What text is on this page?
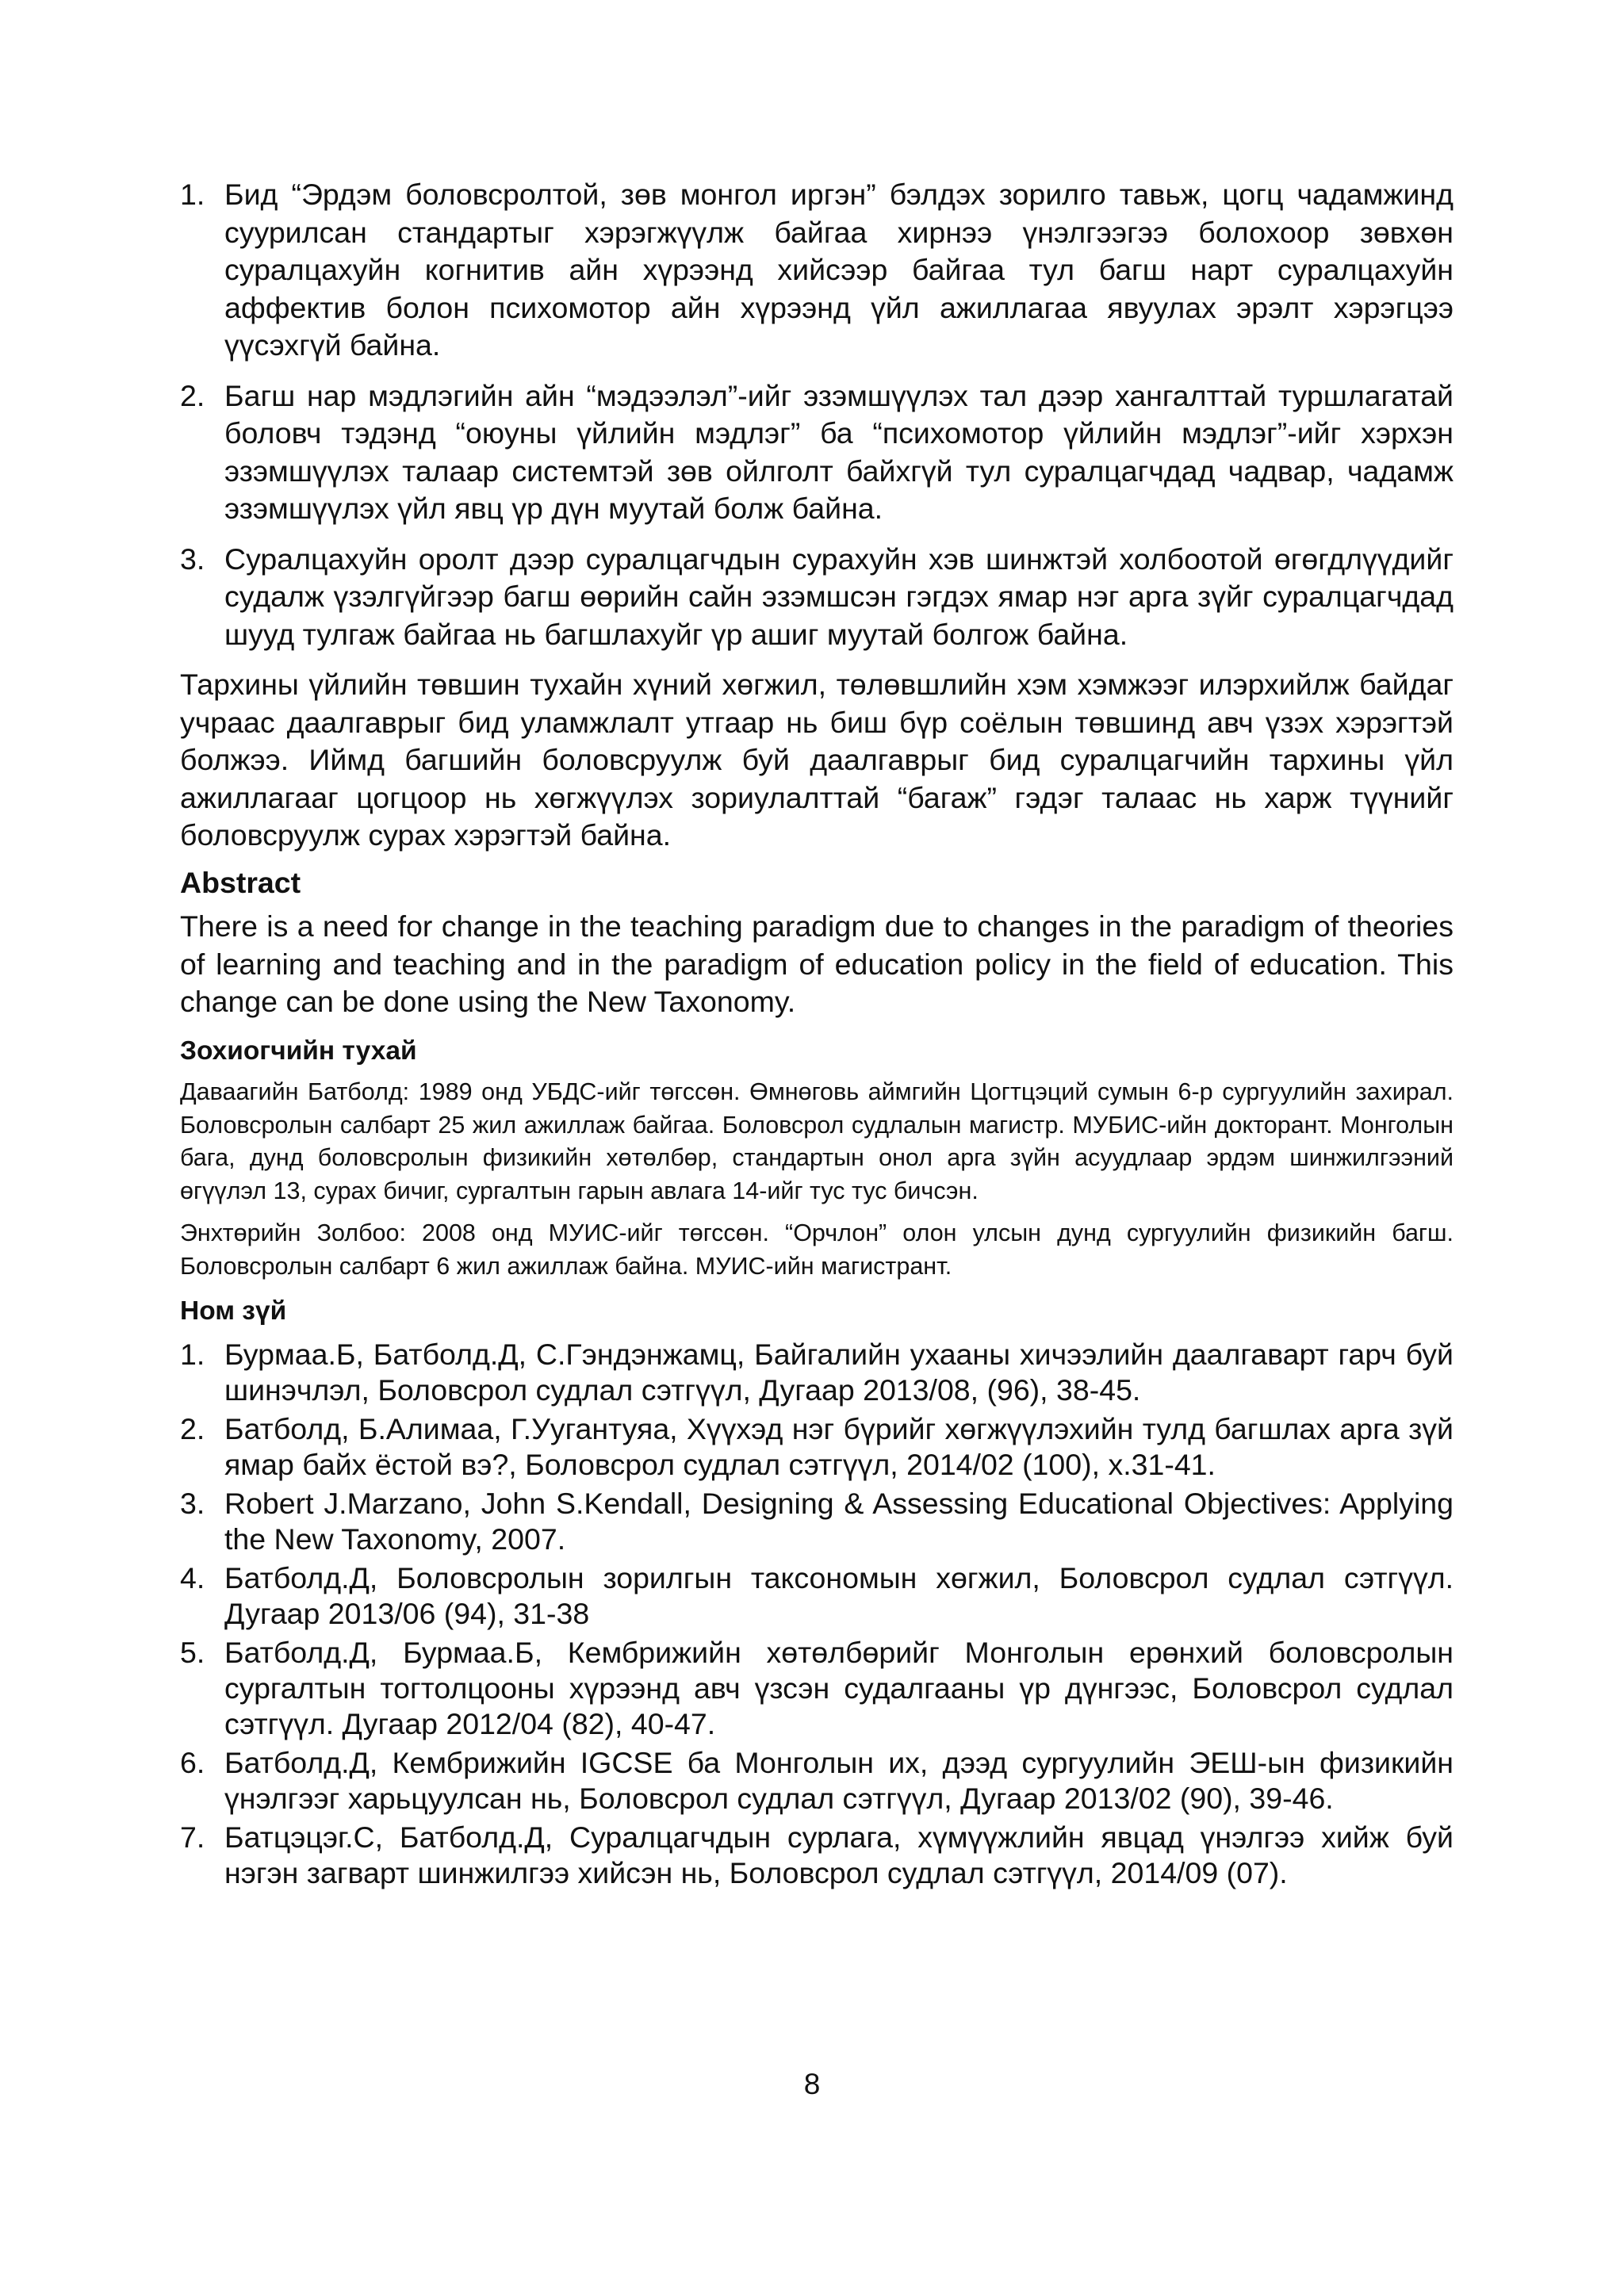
1. Бид “Эрдэм боловсролтой, зөв монгол иргэн” бэлдэх зорилго тавьж, цогц чадамжинд суурилсан стандартыг хэрэгжүүлж байгаа хирнээ үнэлгээгээ болохоор зөвхөн суралцахуйн когнитив айн хүрээнд хийсээр байгаа тул багш нарт суралцахуйн аффектив болон психомотор айн хүрээнд үйл ажиллагаа явуулах эрэлт хэрэгцээ үүсэхгүй байна.
2. Багш нар мэдлэгийн айн “мэдээлэл”-ийг эзэмшүүлэх тал дээр хангалттай туршлагатай боловч тэдэнд “оюуны үйлийн мэдлэг” ба “психомотор үйлийн мэдлэг”-ийг хэрхэн эзэмшүүлэх талаар системтэй зөв ойлголт байхгүй тул суралцагчдад чадвар, чадамж эзэмшүүлэх үйл явц үр дүн муутай болж байна.
3. Суралцахуйн оролт дээр суралцагчдын сурахуйн хэв шинжтэй холбоотой өгөгдлүүдийг судалж үзэлгүйгээр багш өөрийн сайн эзэмшсэн гэгдэх ямар нэг арга зүйг суралцагчдад шууд тулгаж байгаа нь багшлахуйг үр ашиг муутай болгож байна.

Тархины үйлийн төвшин тухайн хүний хөгжил, төлөвшлийн хэм хэмжээг илэрхийлж байдаг учраас даалгаврыг бид уламжлалт утгаар нь биш бүр соёлын төвшинд авч үзэх хэрэгтэй болжээ. Иймд багшийн боловсруулж буй даалгаврыг бид суралцагчийн тархины үйл ажиллагааг цогцоор нь хөгжүүлэх зориулалттай “багаж” гэдэг талаас нь харж түүнийг боловсруулж сурах хэрэгтэй байна.

Abstract

There is a need for change in the teaching paradigm due to changes in the paradigm of theories of learning and teaching and in the paradigm of education policy in the field of education. This change can be done using the New Taxonomy.

Зохиогчийн тухай

Даваагийн Батболд: 1989 онд УБДС-ийг төгссөн. Өмнөговь аймгийн Цогтцэций сумын 6-р сургуулийн захирал. Боловсролын салбарт 25 жил ажиллаж байгаа. Боловсрол судлалын магистр. МУБИС-ийн докторант. Монголын бага, дунд боловсролын физикийн хөтөлбөр, стандартын онол арга зүйн асуудлаар эрдэм шинжилгээний өгүүлэл 13, сурах бичиг, сургалтын гарын авлага 14-ийг тус тус бичсэн.

Энхтөрийн Золбоо: 2008 онд МУИС-ийг төгссөн. “Орчлон” олон улсын дунд сургуулийн физикийн багш. Боловсролын салбарт 6 жил ажиллаж байна. МУИС-ийн магистрант.

Ном зүй
1. Бурмаа.Б, Батболд.Д, С.Гэндэнжамц, Байгалийн ухааны хичээлийн даалгаварт гарч буй шинэчлэл, Боловсрол судлал сэтгүүл, Дугаар 2013/08, (96), 38-45.
2. Батболд, Б.Алимаа, Г.Уугантуяа, Хүүхэд нэг бүрийг хөгжүүлэхийн тулд багшлах арга зүй ямар байх ёстой вэ?, Боловсрол судлал сэтгүүл, 2014/02 (100), х.31-41.
3. Robert J.Marzano, John S.Kendall, Designing & Assessing Educational Objectives: Applying the New Taxonomy, 2007.
4. Батболд.Д, Боловсролын зорилгын таксономын хөгжил, Боловсрол судлал сэтгүүл. Дугаар 2013/06 (94), 31-38
5. Батболд.Д, Бурмаа.Б, Кембрижийн хөтөлбөрийг Монголын ерөнхий боловсролын сургалтын тогтолцооны хүрээнд авч үзсэн судалгааны үр дүнгээс, Боловсрол судлал сэтгүүл. Дугаар 2012/04 (82), 40-47.
6. Батболд.Д, Кембрижийн IGCSE ба Монголын их, дээд сургуулийн ЭЕШ-ын физикийн үнэлгээг харьцуулсан нь, Боловсрол судлал сэтгүүл, Дугаар 2013/02 (90), 39-46.
7. Батцэцэг.С, Батболд.Д, Суралцагчдын сурлага, хүмүүжлийн явцад үнэлгээ хийж буй нэгэн загварт шинжилгээ хийсэн нь, Боловсрол судлал сэтгүүл, 2014/09 (07).
8
